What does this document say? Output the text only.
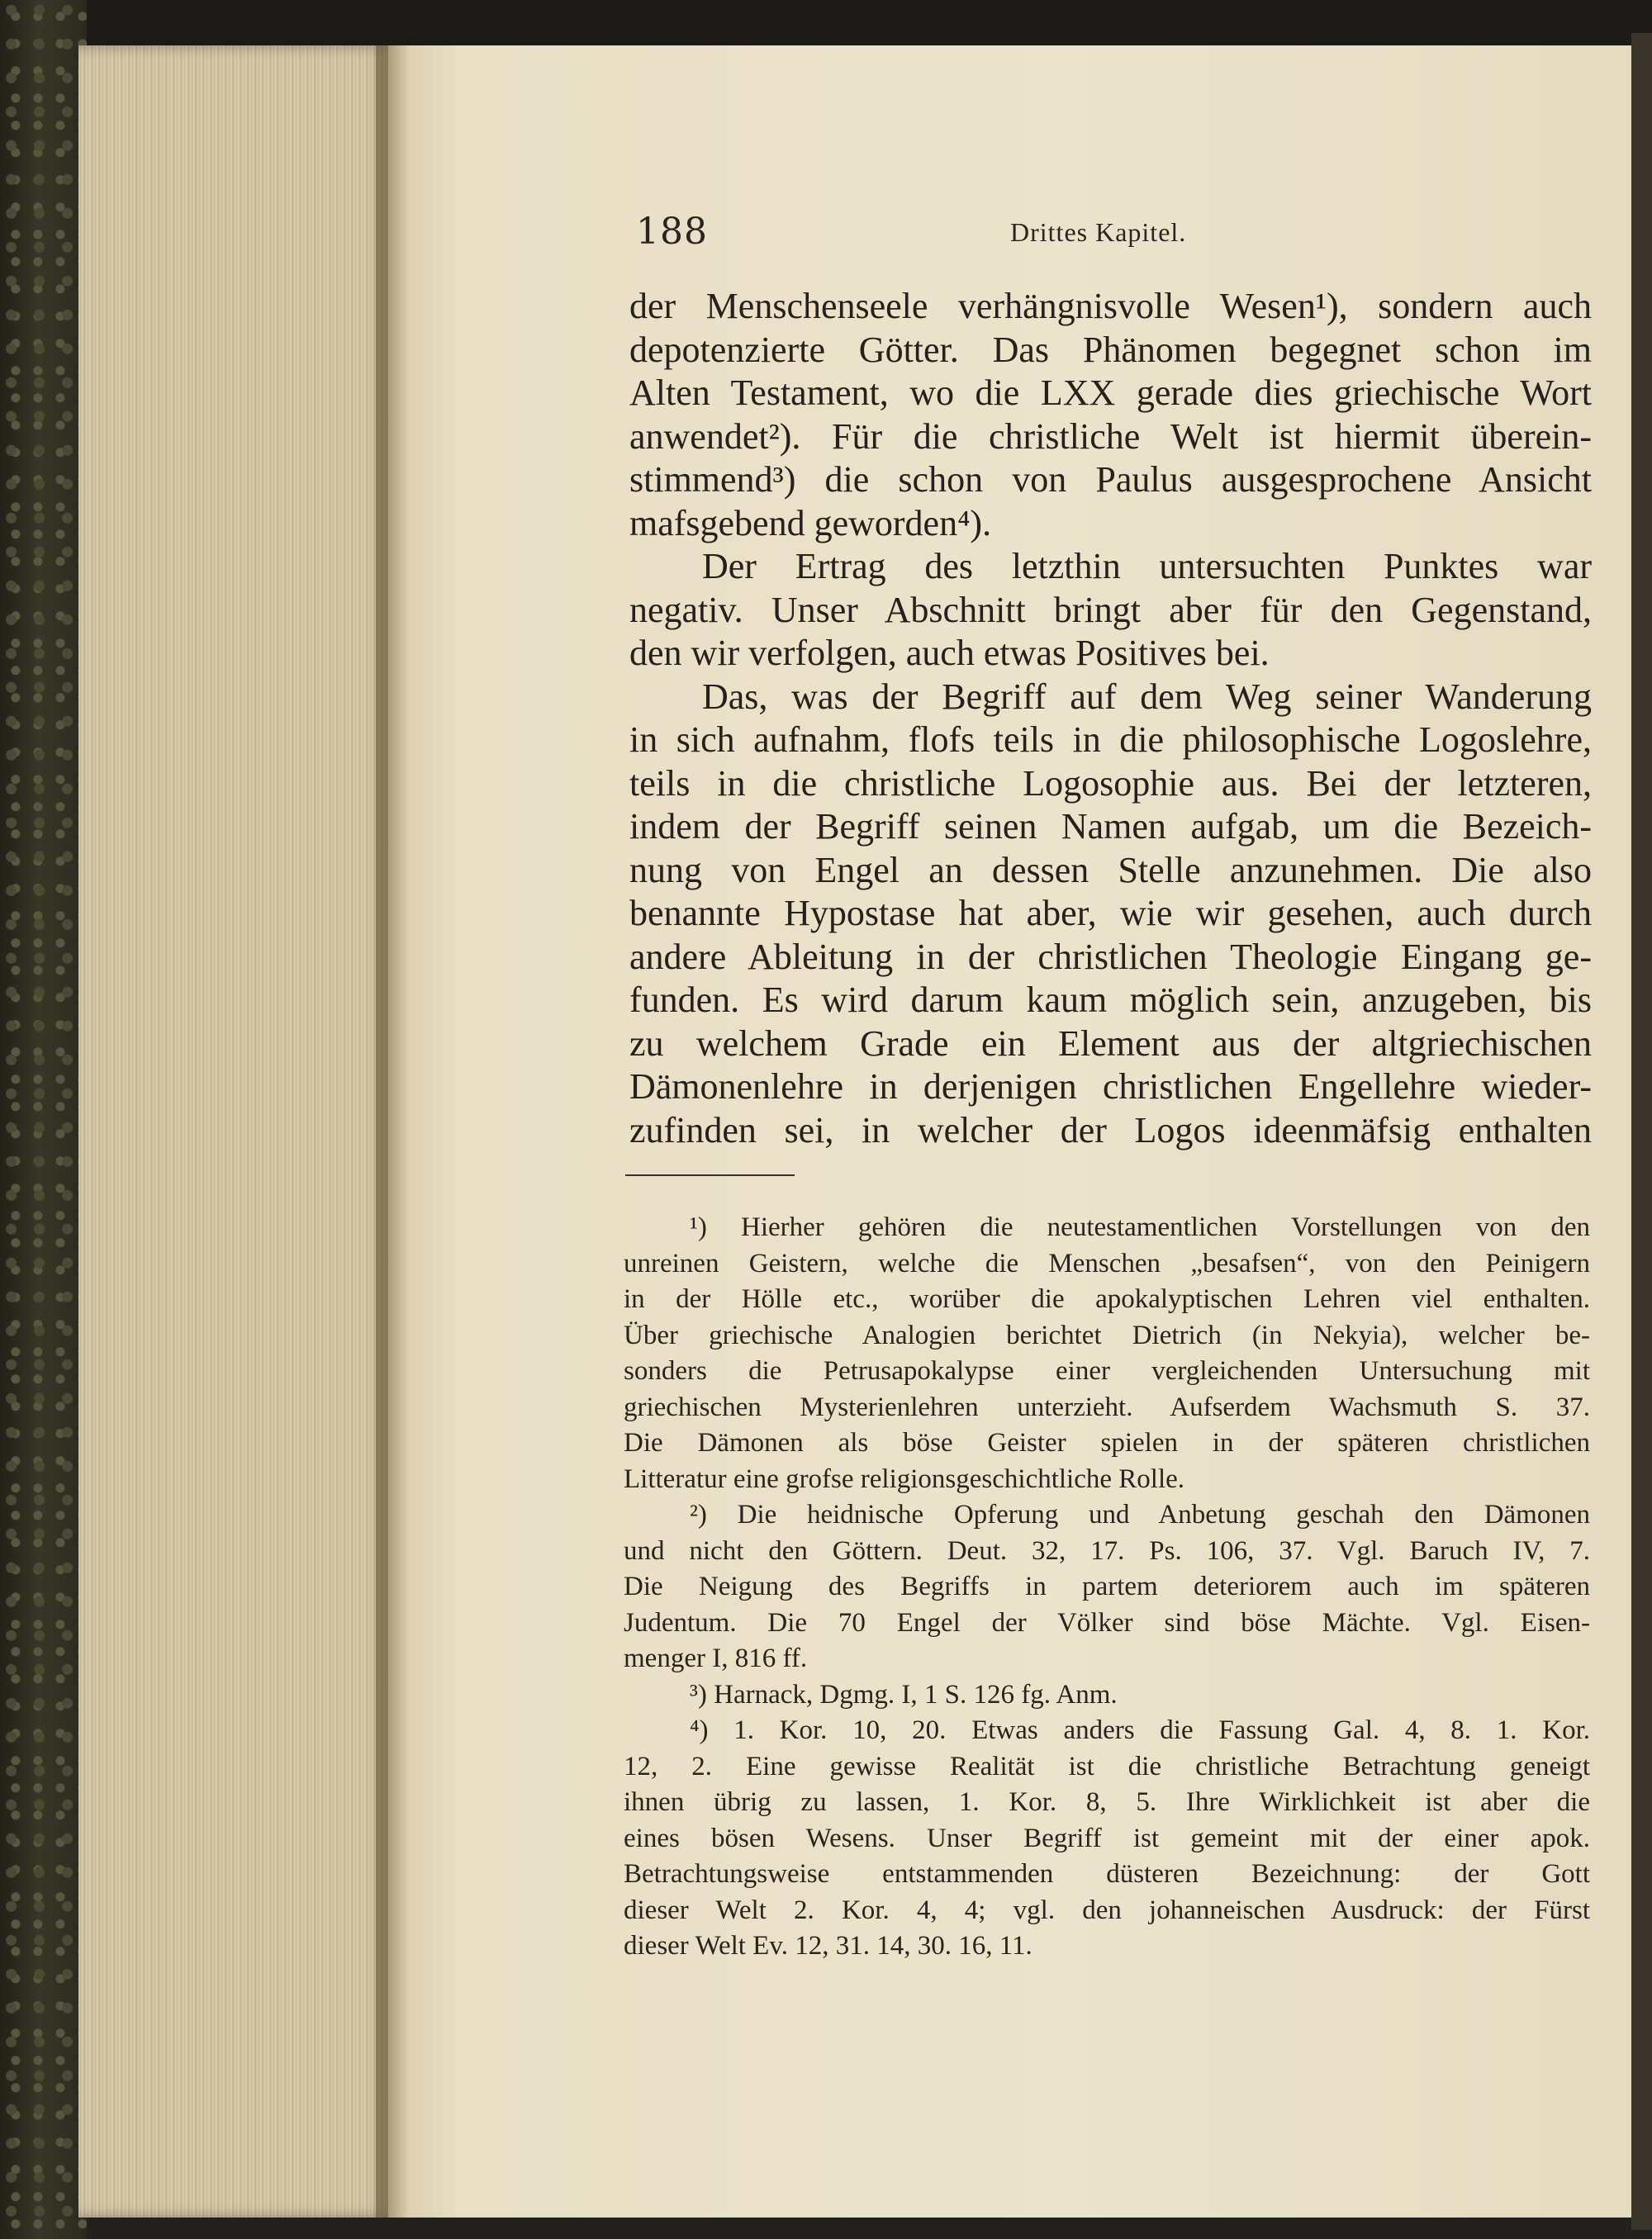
188	Drittes Kapitel.
der Menschenseele verhängnisvolle Wesen¹), sondern auch
depotenzierte Götter. Das Phänomen begegnet schon im
Alten Testament, wo die LXX gerade dies griechische Wort
anwendet²). Für die christliche Welt ist hiermit überein-
stimmend³) die schon von Paulus ausgesprochene Ansicht
mafsgebend geworden⁴).
Der Ertrag des letzthin untersuchten Punktes war
negativ. Unser Abschnitt bringt aber für den Gegenstand,
den wir verfolgen, auch etwas Positives bei.
Das, was der Begriff auf dem Weg seiner Wanderung
in sich aufnahm, flofs teils in die philosophische Logoslehre,
teils in die christliche Logosophie aus. Bei der letzteren,
indem der Begriff seinen Namen aufgab, um die Bezeich-
nung von Engel an dessen Stelle anzunehmen. Die also
benannte Hypostase hat aber, wie wir gesehen, auch durch
andere Ableitung in der christlichen Theologie Eingang ge-
funden. Es wird darum kaum möglich sein, anzugeben, bis
zu welchem Grade ein Element aus der altgriechischen
Dämonenlehre in derjenigen christlichen Engellehre wieder-
zufinden sei, in welcher der Logos ideenmäfsig enthalten
¹) Hierher gehören die neutestamentlichen Vorstellungen von den
unreinen Geistern, welche die Menschen „besafsen“, von den Peinigern
in der Hölle etc., worüber die apokalyptischen Lehren viel enthalten.
Über griechische Analogien berichtet Dietrich (in Nekyia), welcher be-
sonders die Petrusapokalypse einer vergleichenden Untersuchung mit
griechischen Mysterienlehren unterzieht. Aufserdem Wachsmuth S. 37.
Die Dämonen als böse Geister spielen in der späteren christlichen
Litteratur eine grofse religionsgeschichtliche Rolle.
²) Die heidnische Opferung und Anbetung geschah den Dämonen
und nicht den Göttern. Deut. 32, 17. Ps. 106, 37. Vgl. Baruch IV, 7.
Die Neigung des Begriffs in partem deteriorem auch im späteren
Judentum. Die 70 Engel der Völker sind böse Mächte. Vgl. Eisen-
menger I, 816 ff.
³) Harnack, Dgmg. I, 1 S. 126 fg. Anm.
⁴) 1. Kor. 10, 20. Etwas anders die Fassung Gal. 4, 8. 1. Kor.
12, 2. Eine gewisse Realität ist die christliche Betrachtung geneigt
ihnen übrig zu lassen, 1. Kor. 8, 5. Ihre Wirklichkeit ist aber die
eines bösen Wesens. Unser Begriff ist gemeint mit der einer apok.
Betrachtungsweise entstammenden düsteren Bezeichnung: der Gott
dieser Welt 2. Kor. 4, 4; vgl. den johanneischen Ausdruck: der Fürst
dieser Welt Ev. 12, 31. 14, 30. 16, 11.
